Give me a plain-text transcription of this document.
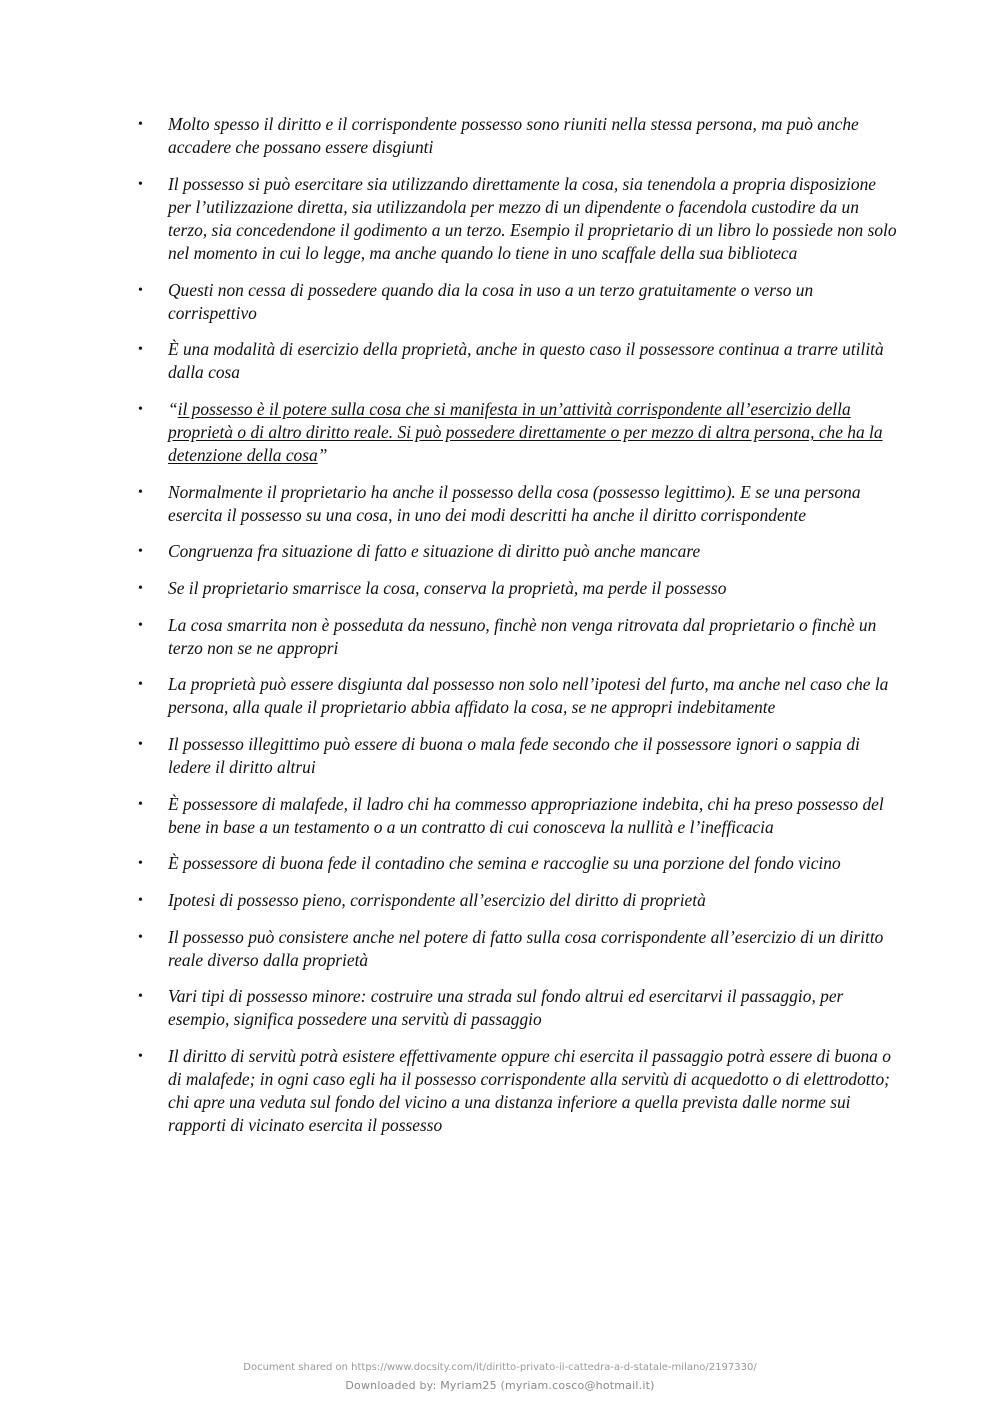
• Molto spesso il diritto e il corrispondente possesso sono riuniti nella stessa persona, ma può anche accadere che possano essere disgiunti
• Il possesso si può esercitare sia utilizzando direttamente la cosa, sia tenendola a propria disposizione per l’utilizzazione diretta, sia utilizzandola per mezzo di un dipendente o facendola custodire da un terzo, sia concedendone il godimento a un terzo. Esempio il proprietario di un libro lo possiede non solo nel momento in cui lo legge, ma anche quando lo tiene in uno scaffale della sua biblioteca
• Questi non cessa di possedere quando dia la cosa in uso a un terzo gratuitamente o verso un corrispettivo
• È una modalità di esercizio della proprietà, anche in questo caso il possessore continua a trarre utilità dalla cosa
• “il possesso è il potere sulla cosa che si manifesta in un’attività corrispondente all’esercizio della proprietà o di altro diritto reale. Si può possedere direttamente o per mezzo di altra persona, che ha la detenzione della cosa”
• Normalmente il proprietario ha anche il possesso della cosa (possesso legittimo). E se una persona esercita il possesso su una cosa, in uno dei modi descritti ha anche il diritto corrispondente
• Congruenza fra situazione di fatto e situazione di diritto può anche mancare
• Se il proprietario smarrisce la cosa, conserva la proprietà, ma perde il possesso
• La cosa smarrita non è posseduta da nessuno, finchè non venga ritrovata dal proprietario o finchè un terzo non se ne appropri
• La proprietà può essere disgiunta dal possesso non solo nell’ipotesi del furto, ma anche nel caso che la persona, alla quale il proprietario abbia affidato la cosa, se ne appropri indebitamente
• Il possesso illegittimo può essere di buona o mala fede secondo che il possessore ignori o sappia di ledere il diritto altrui
• È possessore di malafede, il ladro chi ha commesso appropriazione indebita, chi ha preso possesso del bene in base a un testamento o a un contratto di cui conosceva la nullità e l’inefficacia
• È possessore di buona fede il contadino che semina e raccoglie su una porzione del fondo vicino
• Ipotesi di possesso pieno, corrispondente all’esercizio del diritto di proprietà
• Il possesso può consistere anche nel potere di fatto sulla cosa corrispondente all’esercizio di un diritto reale diverso dalla proprietà
• Vari tipi di possesso minore: costruire una strada sul fondo altrui ed esercitarvi il passaggio, per esempio, significa possedere una servitù di passaggio
• Il diritto di servitù potrà esistere effettivamente oppure chi esercita il passaggio potrà essere di buona o di malafede; in ogni caso egli ha il possesso corrispondente alla servitù di acquedotto o di elettrodotto; chi apre una veduta sul fondo del vicino a una distanza inferiore a quella prevista dalle norme sui rapporti di vicinato esercita il possesso
Document shared on https://www.docsity.com/it/diritto-privato-ii-cattedra-a-d-statale-milano/2197330/
Downloaded by: Myriam25 (myriam.cosco@hotmail.it)
